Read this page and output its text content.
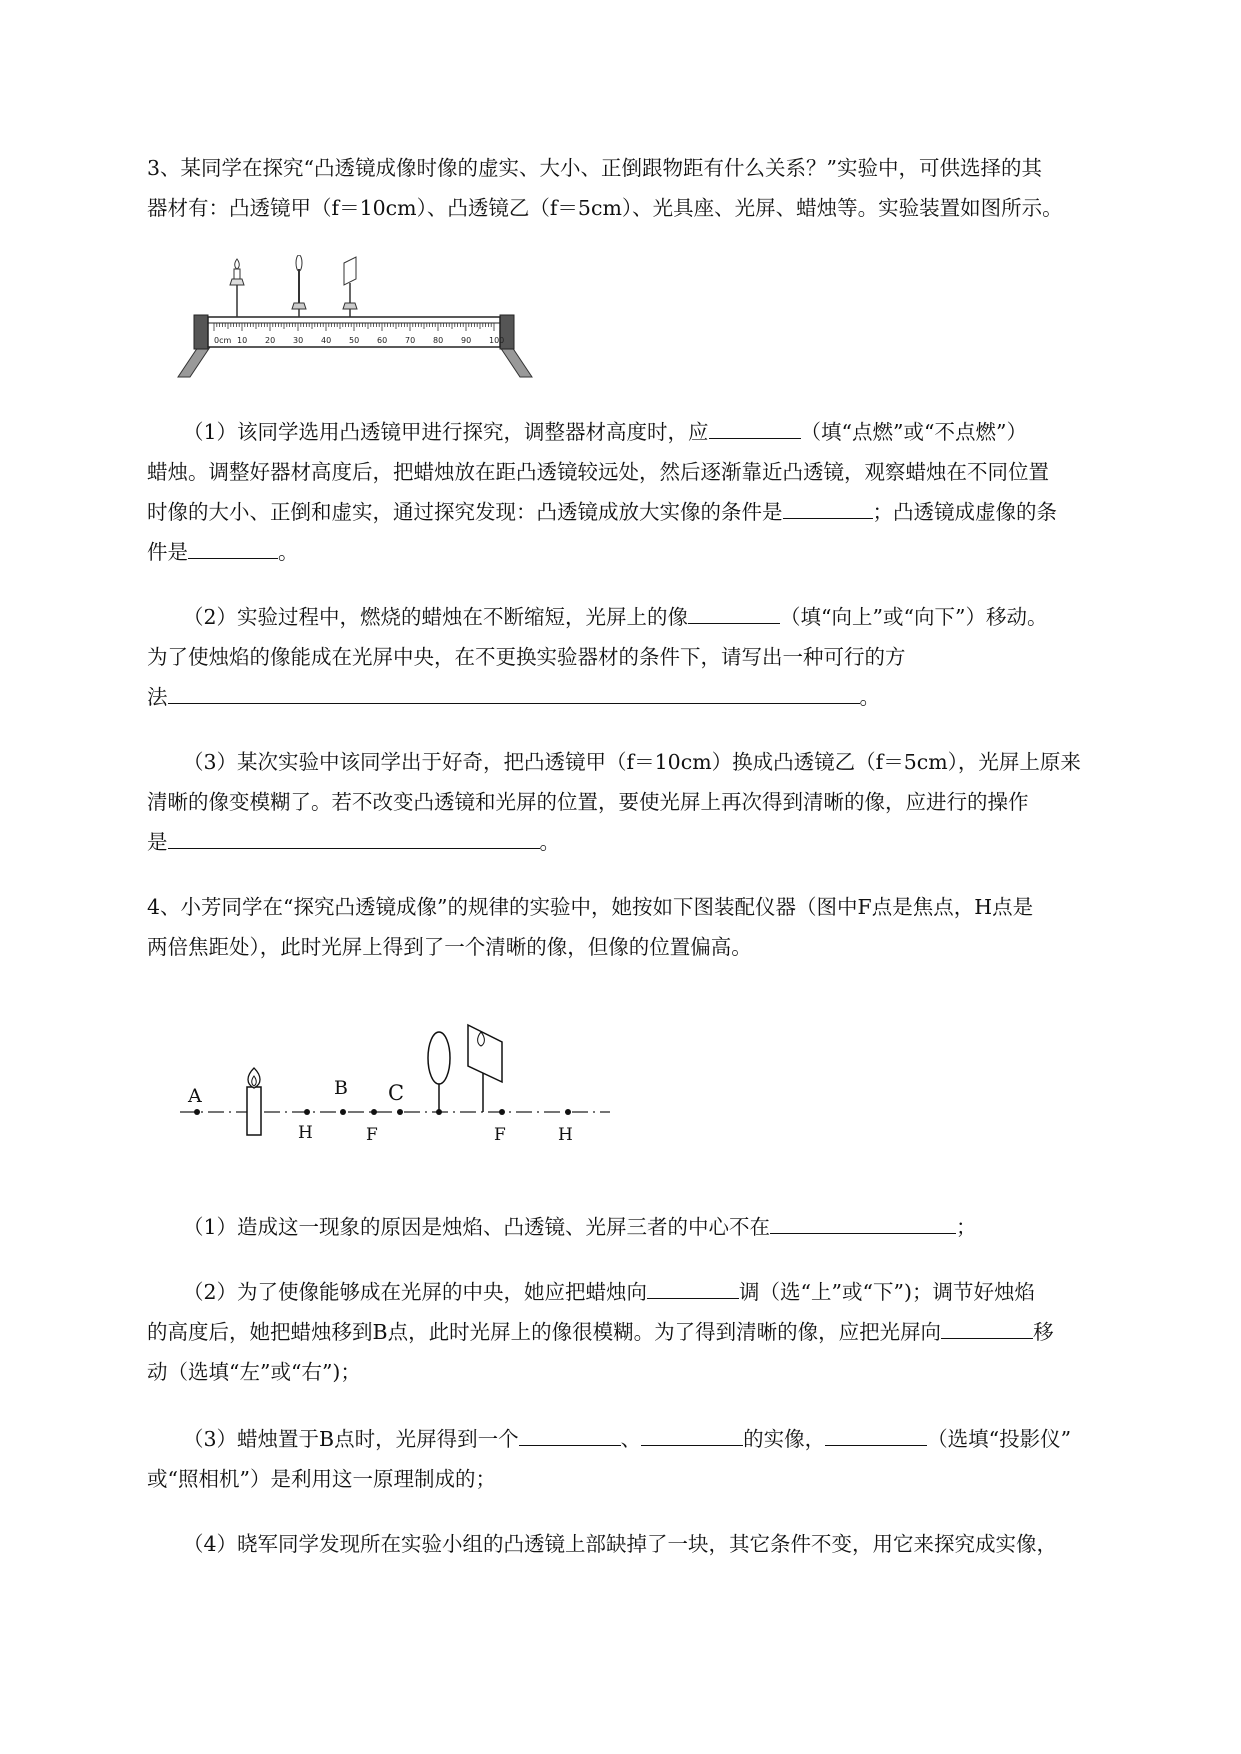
3、某同学在探究“凸透镜成像时像的虚实、大小、正倒跟物距有什么关系？”实验中，可供选择的其
器材有：凸透镜甲（f＝10cm）、凸透镜乙（f＝5cm）、光具座、光屏、蜡烛等。实验装置如图所示。
0cm 10 20 30 40 50 60 70 80 90 100
（1）该同学选用凸透镜甲进行探究，调整器材高度时，应	（填“点燃”或“不点燃”）
蜡烛。调整好器材高度后，把蜡烛放在距凸透镜较远处，然后逐渐靠近凸透镜，观察蜡烛在不同位置
时像的大小、正倒和虚实，通过探究发现：凸透镜成放大实像的条件是	；凸透镜成虚像的条
件是	。
（2）实验过程中，燃烧的蜡烛在不断缩短，光屏上的像	（填“向上”或“向下”）移动。
为了使烛焰的像能成在光屏中央，在不更换实验器材的条件下，请写出一种可行的方
法	。
（3）某次实验中该同学出于好奇，把凸透镜甲（f＝10cm）换成凸透镜乙（f＝5cm），光屏上原来
清晰的像变模糊了。若不改变凸透镜和光屏的位置，要使光屏上再次得到清晰的像，应进行的操作
是	。
4、小芳同学在“探究凸透镜成像”的规律的实验中，她按如下图装配仪器（图中F点是焦点，H点是
两倍焦距处），此时光屏上得到了一个清晰的像，但像的位置偏高。
A
H
B
F
C
F	H
（1）造成这一现象的原因是烛焰、凸透镜、光屏三者的中心不在	；
（2）为了使像能够成在光屏的中央，她应把蜡烛向	调（选“上”或“下”)；调节好烛焰
的高度后，她把蜡烛移到B点，此时光屏上的像很模糊。为了得到清晰的像，应把光屏向	移
动（选填“左”或“右”)；
（3）蜡烛置于B点时，光屏得到一个	、	的实像，	（选填“投影仪”
或“照相机”）是利用这一原理制成的；
（4）晓军同学发现所在实验小组的凸透镜上部缺掉了一块，其它条件不变，用它来探究成实像，
